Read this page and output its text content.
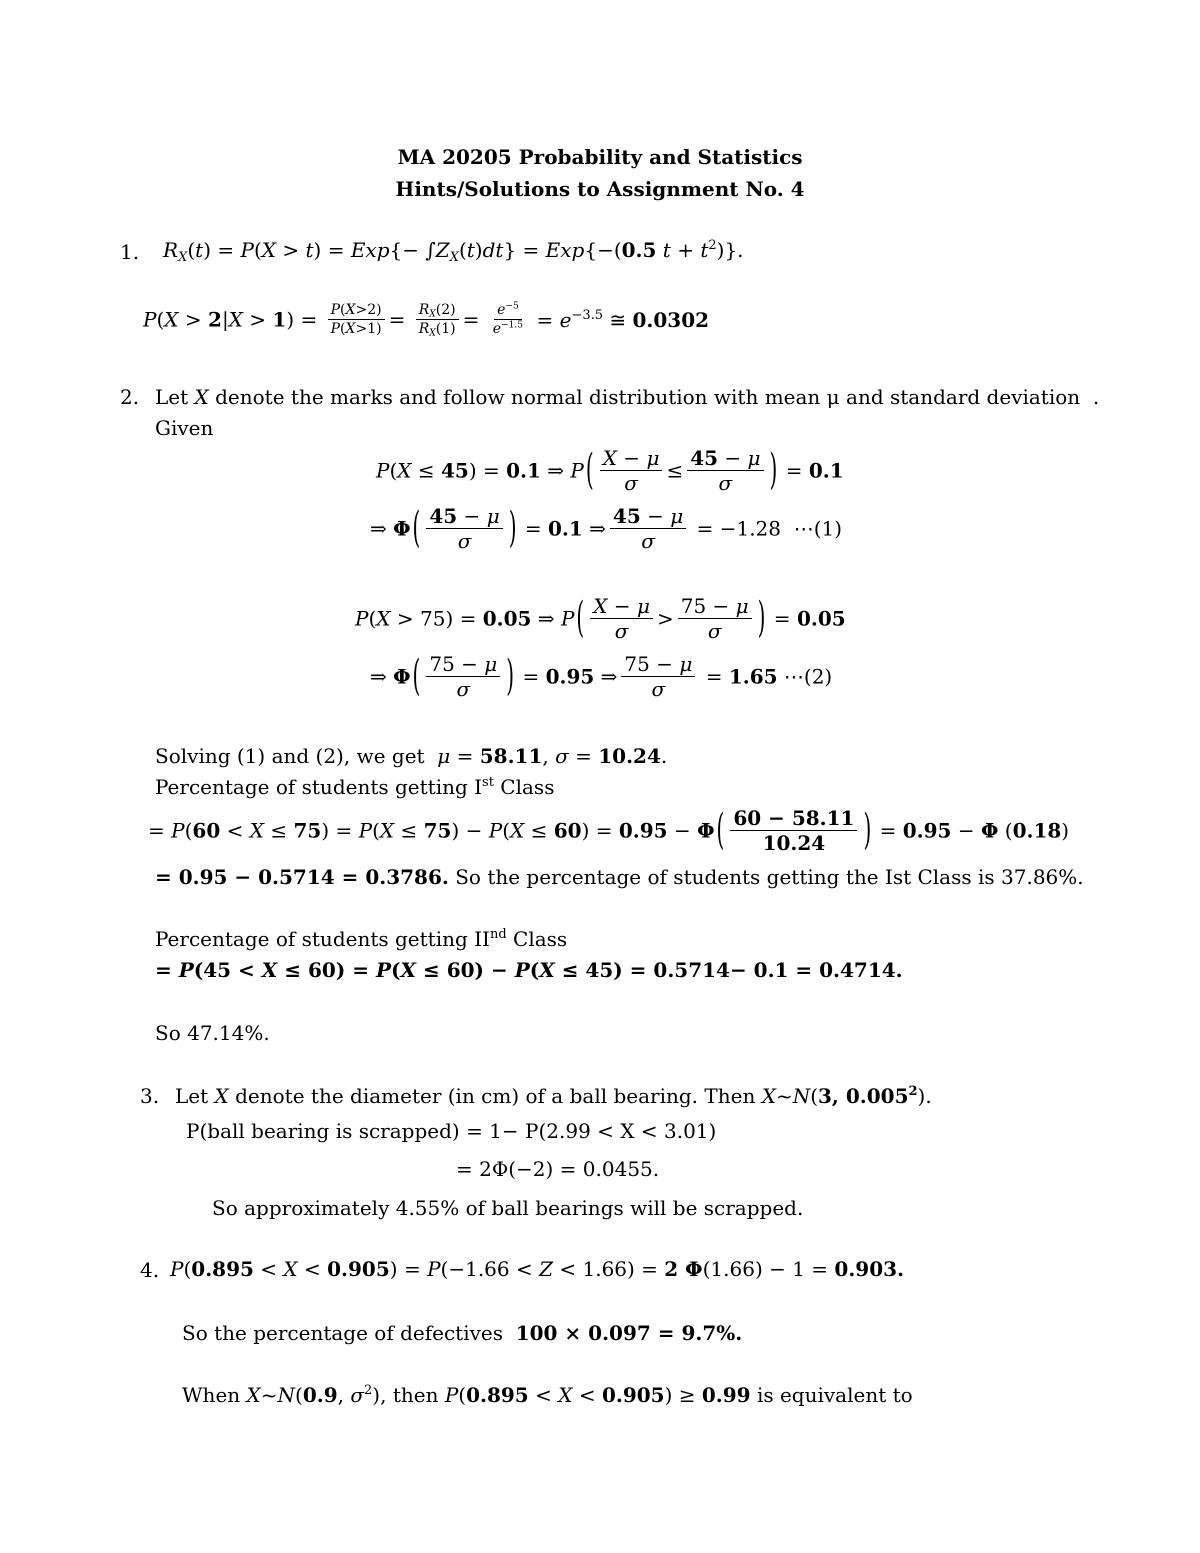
MA 20205 Probability and Statistics
Hints/Solutions to Assignment No. 4
1. $R_X(t) = P(X > t) = Exp\{- \int Z_X(t)dt\} = Exp\{-(0.5$ $t + t^2$)}.
$P(X > 2|X > 1) = \frac{P(X>2)}{P(X>1)} = \frac{R_X(2)}{R_X(1)} = \frac{e^{-5}}{e^{-1.5}} = e^{-3.5}$ ≅ 0.0302
2. Let X denote the marks and follow normal distribution with mean μ and standard deviation  .
Given
P(X ≤ 45) = 0.1 ⇒ P ( $\frac{X - \mu}{\sigma} \le \frac{45 - \mu}{\sigma}$ ) = 0.1
⇒ Φ ( $\frac{45 - \mu}{\sigma}$ ) = 0.1 ⇒ $\frac{45 - \mu}{\sigma} = -1.28$  ⋯(1)
P(X > 75) = 0.05 ⇒ P ( $\frac{X - \mu}{\sigma} > \frac{75 - \mu}{\sigma}$ ) = 0.05
⇒ Φ ( $\frac{75 - \mu}{\sigma}$ ) = 0.95 ⇒ $\frac{75 - \mu}{\sigma} = 1.65$ ⋯(2)
Solving (1) and (2), we get  μ = 58.11, σ = 10.24.
Percentage of students getting Ist Class
= P(60 < X ≤ 75) = P(X ≤ 75) − P(X ≤ 60) = 0.95 − Φ ( $\frac{60 - 58.11}{10.24}$ ) = 0.95 − Φ (0.18)
= 0.95 − 0.5714 = 0.3786. So the percentage of students getting the Ist Class is 37.86%.
Percentage of students getting IInd Class
= P(45 < X ≤ 60) = P(X ≤ 60) − P(X ≤ 45) = 0.5714− 0.1 = 0.4714.
So 47.14%.
3. Let X denote the diameter (in cm) of a ball bearing. Then X~N(3, 0.005$^2$).
P(ball bearing is scrapped) = 1− P(2.99 < X < 3.01)
= 2Φ(−2) = 0.0455.
So approximately 4.55% of ball bearings will be scrapped.
4. P(0.895 < X < 0.905) = P(−1.66 < Z < 1.66) = 2 Φ(1.66) − 1 = 0.903.
So the percentage of defectives  100 × 0.097 = 9.7%.
When X~N(0.9, $\sigma^2$), then P(0.895 < X < 0.905) ≥ 0.99 is equivalent to
